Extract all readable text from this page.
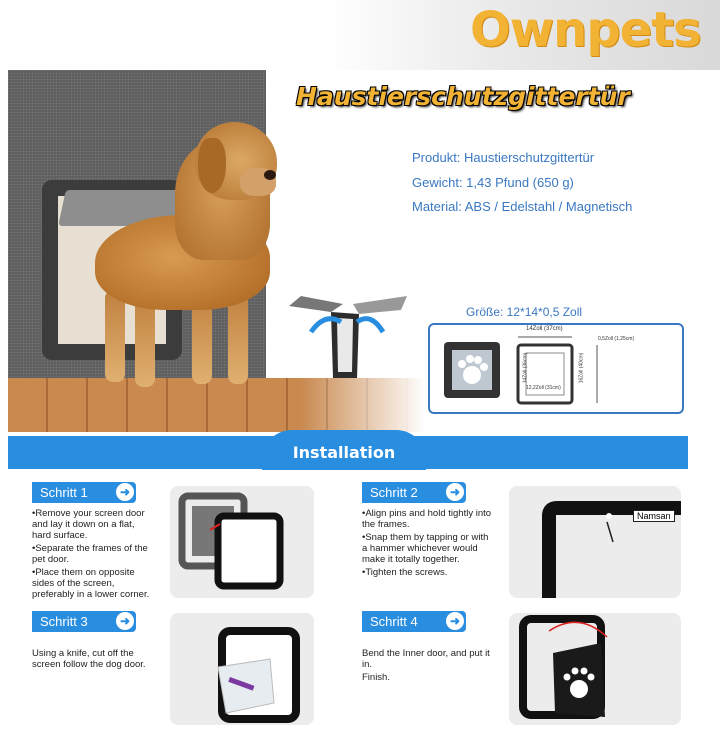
Ownpets
Haustierschutzgittertür
Produkt: Haustierschutzgittertür
Gewicht: 1,43 Pfund (650 g)
Material: ABS / Edelstahl / Magnetisch
Größe: 12*14*0,5 Zoll
14Zoll (37cm)
0,5Zoll (1,25cm)
12,2Zoll (31cm)
14Zoll (36cm)	16Zoll (40cm)
Installation
Schritt 1	➜

•Remove your screen door and lay it down on a flat, hard surface.

•Separate the frames of the pet door.

•Place them on opposite sides of the screen, preferably in a lower corner.

Schritt 2	➜

•Align pins and hold tightly into the frames.

•Snap them by tapping or with a hammer whichever would make it totally together.

•Tighten the screws.

Namsan
Schritt 3	➜

Using a knife, cut off the screen follow the dog door.

Schritt 4	➜

Bend the Inner door, and put it in.

Finish.
